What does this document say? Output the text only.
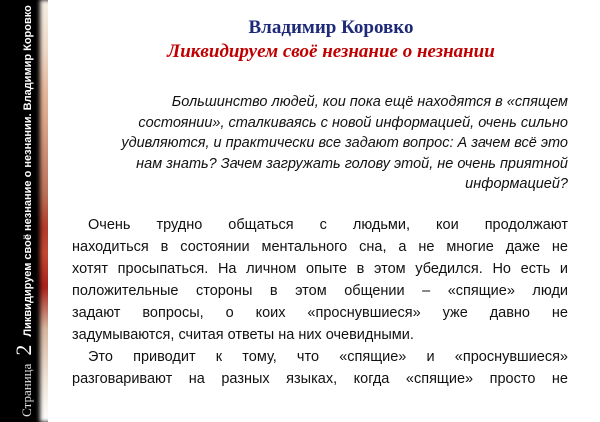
Страница
2
Ликвидируем своё незнание о незнании. Владимир Коровко	Владимир Коровко
Ликвидируем своё незнание о незнании
Большинство людей, кои пока ещё находятся в «спящем
состоянии», сталкиваясь с новой информацией, очень сильно
удивляются, и практически все задают вопрос: А зачем всё это
нам знать? Зачем загружать голову этой, не очень приятной
информацией?
Очень трудно общаться с людьми, кои продолжают
находиться в состоянии ментального сна, а не многие даже не
хотят просыпаться. На личном опыте в этом убедился. Но есть и
положительные стороны в этом общении – «спящие» люди
задают вопросы, о коих «проснувшиеся» уже давно не
задумываются, считая ответы на них очевидными.
Это приводит к тому, что «спящие» и «проснувшиеся»
разговаривают на разных языках, когда «спящие» просто не
